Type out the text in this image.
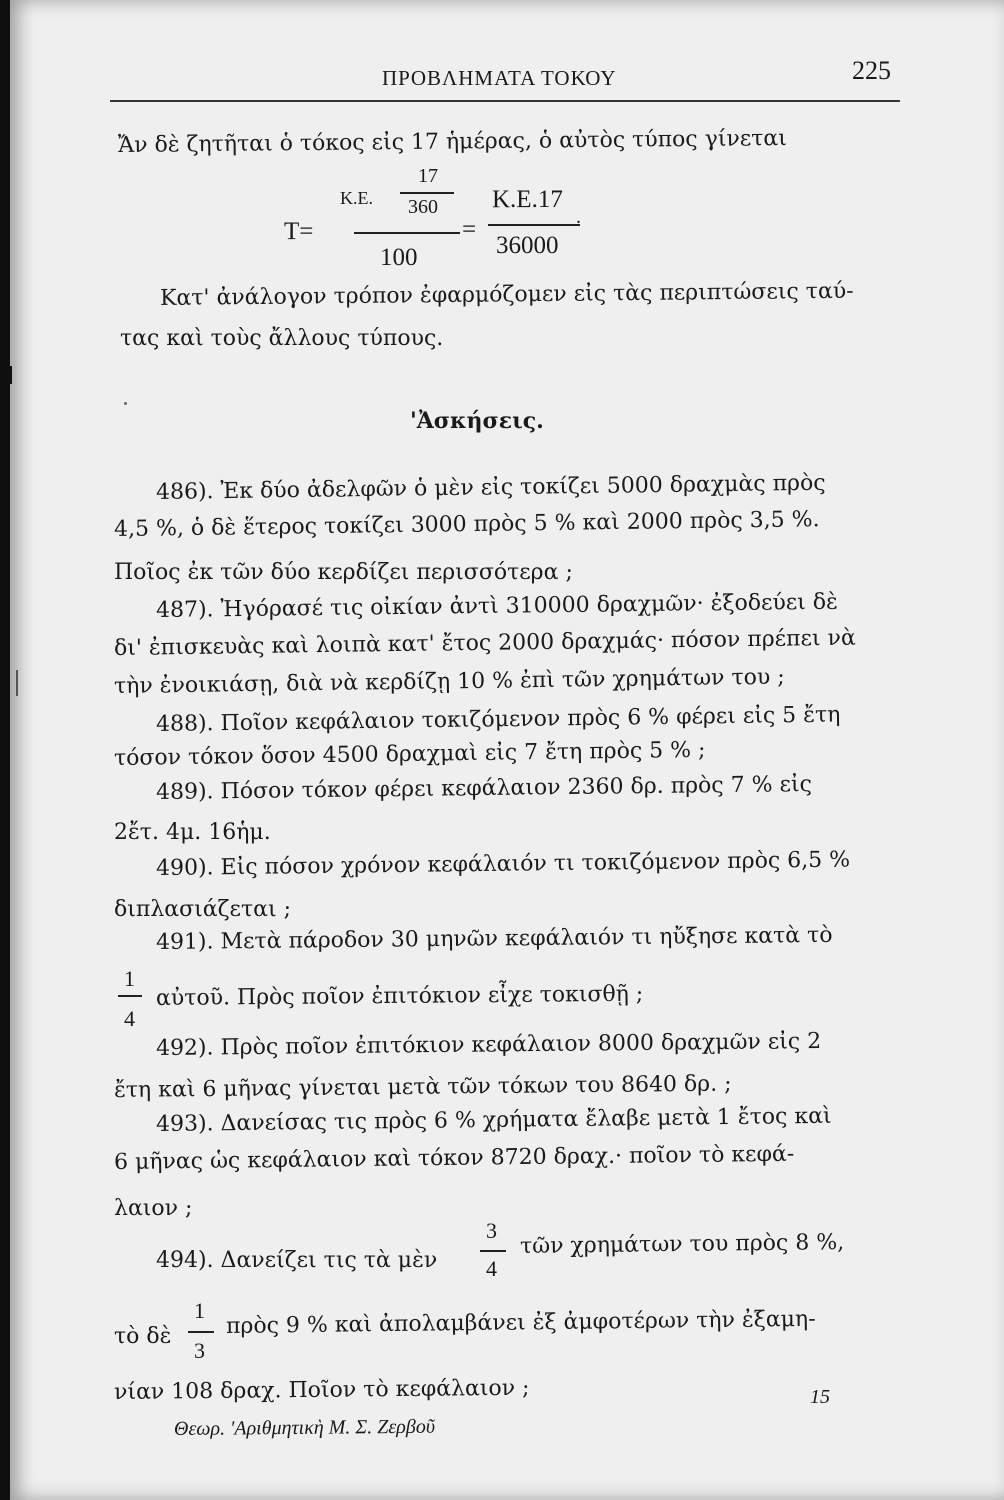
ΠΡΟΒΛΗΜΑΤΑ ΤΟΚΟΥ	225
Ἄν δὲ ζητῆται ὁ τόκος εἰς 17 ἡμέρας, ὁ αὐτὸς τύπος γίνεται
Τ=
17
Κ.Ε. 360
100
=
Κ.Ε.17
.
36000
Κατ' ἀνάλογον τρόπον ἐφαρμόζομεν εἰς τὰς περιπτώσεις ταύ-
τας καὶ τοὺς ἄλλους τύπους.
'Ἀσκήσεις.
486). Ἐκ δύο ἀδελφῶν ὁ μὲν εἰς τοκίζει 5000 δραχμὰς πρὸς
4,5 %, ὁ δὲ ἕτερος τοκίζει 3000 πρὸς 5 % καὶ 2000 πρὸς 3,5 %.
Ποῖος ἐκ τῶν δύο κερδίζει περισσότερα ;
487). Ἠγόρασέ τις οἰκίαν ἀντὶ 310000 δραχμῶν· ἐξοδεύει δὲ
δι' ἐπισκευὰς καὶ λοιπὰ κατ' ἔτος 2000 δραχμάς· πόσον πρέπει νὰ
τὴν ἐνοικιάσῃ, διὰ νὰ κερδίζῃ 10 % ἐπὶ τῶν χρημάτων του ;
488). Ποῖον κεφάλαιον τοκιζόμενον πρὸς 6 % φέρει εἰς 5 ἔτη
τόσον τόκον ὅσον 4500 δραχμαὶ εἰς 7 ἔτη πρὸς 5 % ;
489). Πόσον τόκον φέρει κεφάλαιον 2360 δρ. πρὸς 7 % εἰς
2ἔτ. 4μ. 16ἡμ.
490). Εἰς πόσον χρόνον κεφάλαιόν τι τοκιζόμενον πρὸς 6,5 %
διπλασιάζεται ;
491). Μετὰ πάροδον 30 μηνῶν κεφάλαιόν τι ηὔξησε κατὰ τὸ
1
4
αὐτοῦ. Πρὸς ποῖον ἐπιτόκιον εἶχε τοκισθῇ ;
492). Πρὸς ποῖον ἐπιτόκιον κεφάλαιον 8000 δραχμῶν εἰς 2
ἔτη καὶ 6 μῆνας γίνεται μετὰ τῶν τόκων του 8640 δρ. ;
493). Δανείσας τις πρὸς 6 % χρήματα ἔλαβε μετὰ 1 ἔτος καὶ
6 μῆνας ὡς κεφάλαιον καὶ τόκον 8720 δραχ.· ποῖον τὸ κεφά-
λαιον ;
494). Δανείζει τις τὰ μὲν
3
4
τῶν χρημάτων του πρὸς 8 %,
τὸ δὲ
1
3
πρὸς 9 % καὶ ἀπολαμβάνει ἐξ ἀμφοτέρων τὴν ἐξαμη-
νίαν 108 δραχ. Ποῖον τὸ κεφάλαιον ;
Θεωρ. 'Αριθμητικὴ Μ. Σ. Ζερβοῦ
15
